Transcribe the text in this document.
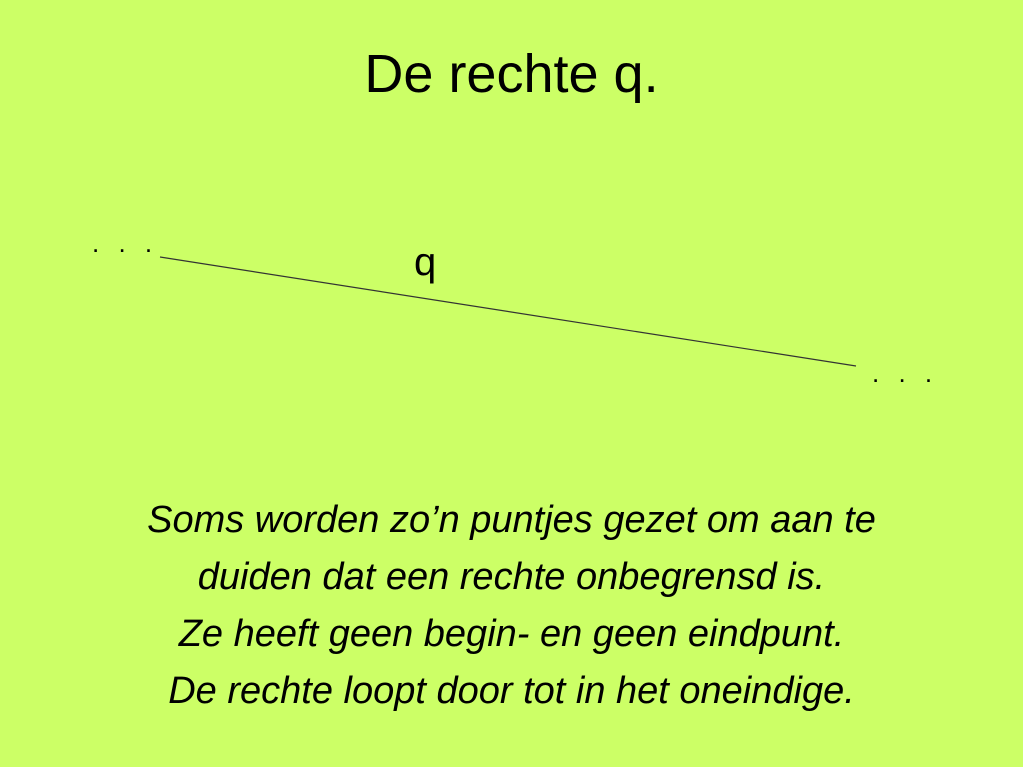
De rechte q.
. . .	q
. . .
Soms worden zo’n puntjes gezet om aan te
duiden dat een rechte onbegrensd is.
Ze heeft geen begin- en geen eindpunt.
De rechte loopt door tot in het oneindige.
